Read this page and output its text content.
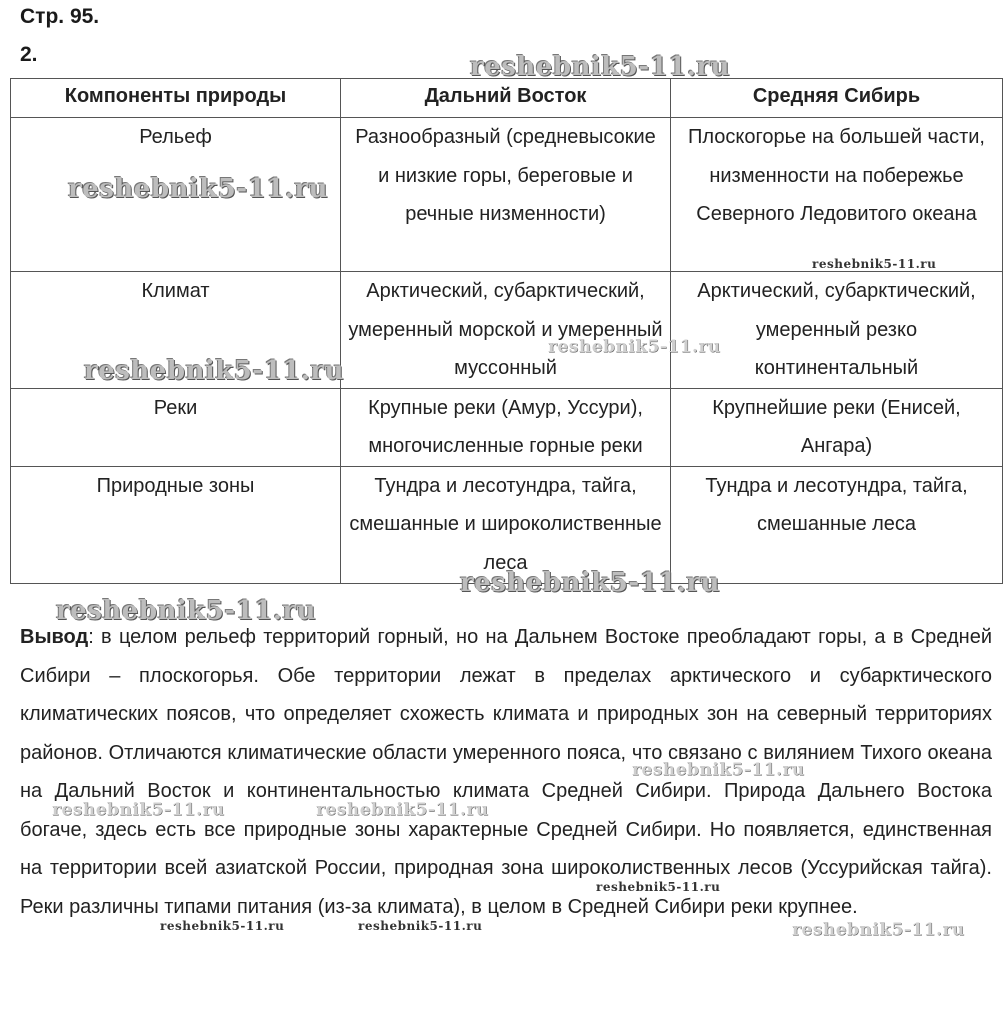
Стр. 95.
2.
Компоненты природы	Дальний Восток	Средняя Сибирь
Рельеф	Разнообразный (средневысокие и низкие горы, береговые и речные низменности)	Плоскогорье на большей части, низменности на побережье Северного Ледовитого океана
Климат	Арктический, субарктический, умеренный морской и умеренный муссонный	Арктический, субарктический, умеренный резко континентальный
Реки	Крупные реки (Амур, Уссури), многочисленные горные реки	Крупнейшие реки (Енисей, Ангара)
Природные зоны	Тундра и лесотундра, тайга, смешанные и широколиственные леса	Тундра и лесотундра, тайга, смешанные леса
Вывод: в целом рельеф территорий горный, но на Дальнем Востоке преобладают горы, а в Средней Сибири – плоскогорья. Обе территории лежат в пределах арктического и субарктического климатических поясов, что определяет схожесть климата и природных зон на северный территориях районов. Отличаются климатические области умеренного пояса, что связано с вилянием Тихого океана на Дальний Восток и континентальностью климата Средней Сибири. Природа Дальнего Востока богаче, здесь есть все природные зоны характерные Средней Сибири. Но появляется, единственная на территории всей азиатской России, природная зона широколиственных лесов (Уссурийская тайга). Реки различны типами питания (из-за климата), в целом в Средней Сибири реки крупнее.
reshebnik5-11.ru
reshebnik5-11.ru
reshebnik5-11.ru
reshebnik5-11.ru
reshebnik5-11.ru
reshebnik5-11.ru
reshebnik5-11.ru
reshebnik5-11.ru
reshebnik5-11.ru	reshebnik5-11.ru
reshebnik5-11.ru
reshebnik5-11.ru	reshebnik5-11.ru	reshebnik5-11.ru
